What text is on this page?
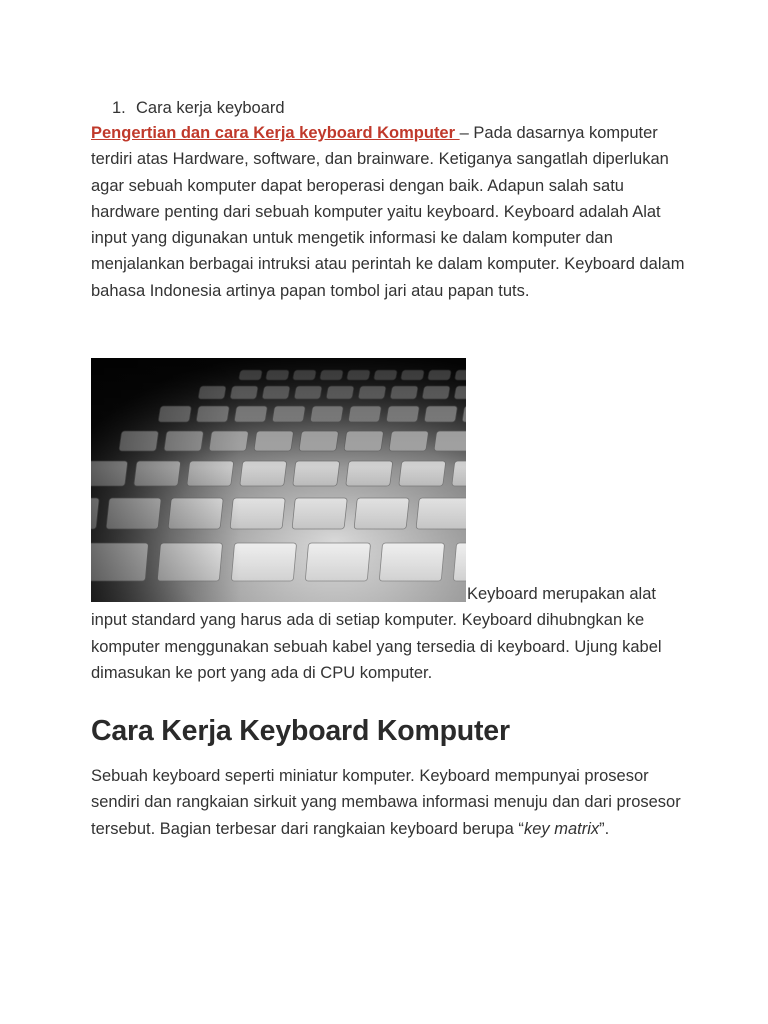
1. Cara kerja keyboard

Pengertian dan cara Kerja keyboard Komputer – Pada dasarnya komputer terdiri atas Hardware, software, dan brainware. Ketiganya sangatlah diperlukan agar sebuah komputer dapat beroperasi dengan baik. Adapun salah satu hardware penting dari sebuah komputer yaitu keyboard. Keyboard adalah Alat input yang digunakan untuk mengetik informasi ke dalam komputer dan menjalankan berbagai intruksi atau perintah ke dalam komputer. Keyboard dalam bahasa Indonesia artinya papan tombol jari atau papan tuts.

P
PINTAR
KOMPUTER

Keyboard merupakan alat input standard yang harus ada di setiap komputer. Keyboard dihubngkan ke komputer menggunakan sebuah kabel yang tersedia di keyboard. Ujung kabel dimasukan ke port yang ada di CPU komputer.

Cara Kerja Keyboard Komputer

Sebuah keyboard seperti miniatur komputer. Keyboard mempunyai prosesor sendiri dan rangkaian sirkuit yang membawa informasi menuju dan dari prosesor tersebut. Bagian terbesar dari rangkaian keyboard berupa “key matrix”.
